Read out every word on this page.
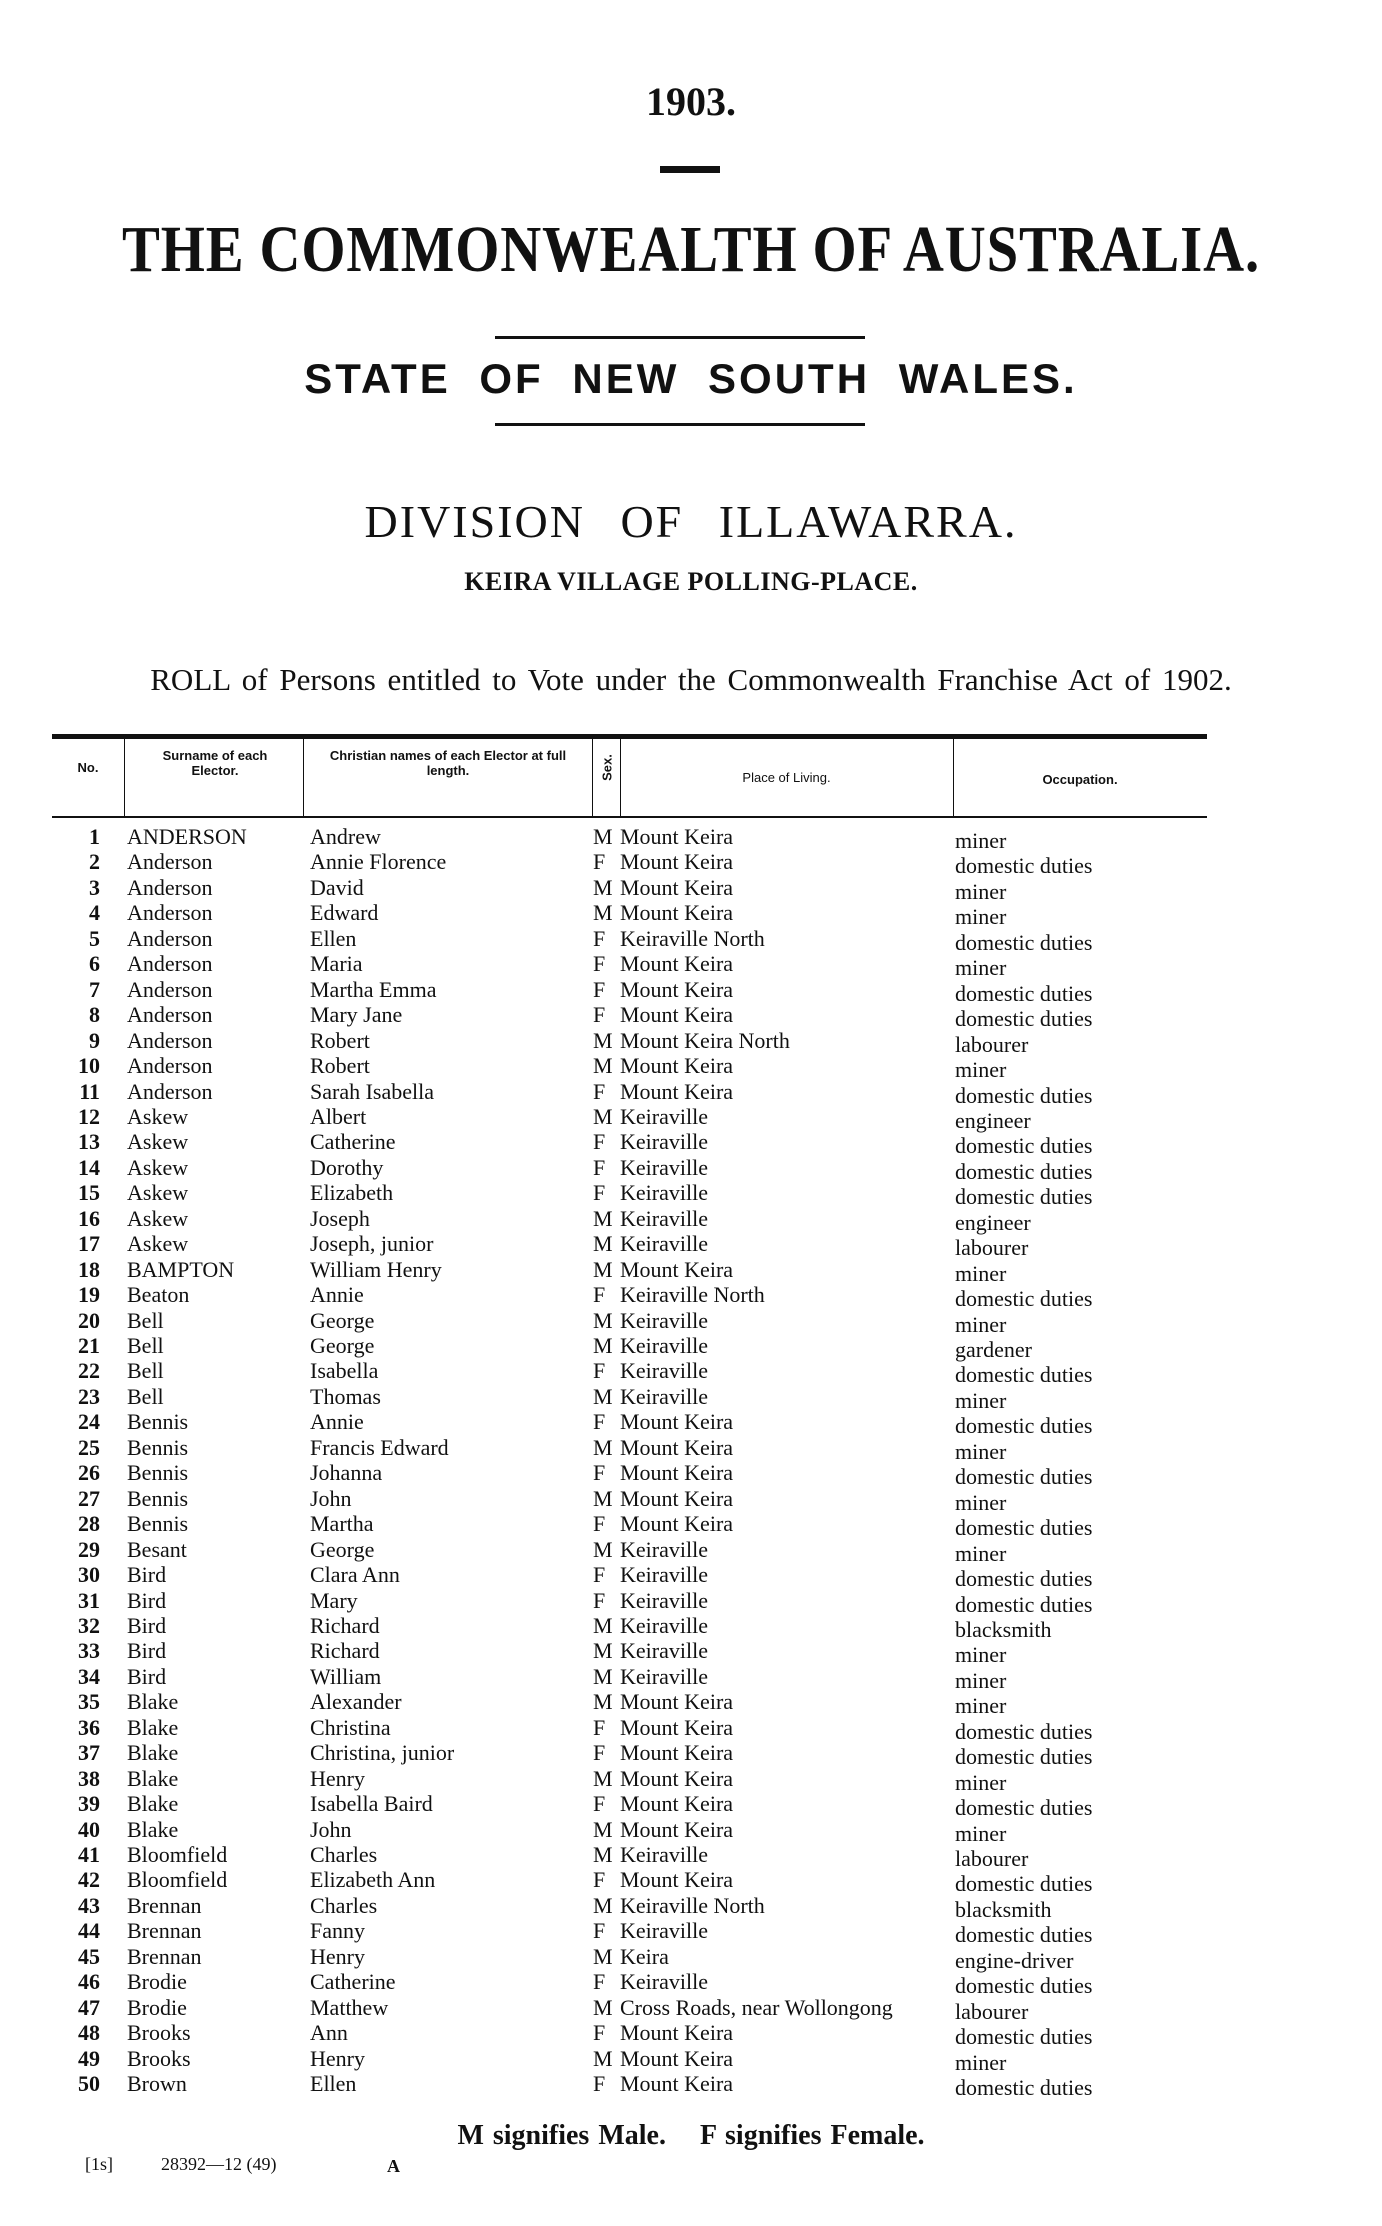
1903.
THE COMMONWEALTH OF AUSTRALIA.
STATE OF NEW SOUTH WALES.
DIVISION OF ILLAWARRA.
KEIRA VILLAGE POLLING-PLACE.
ROLL of Persons entitled to Vote under the Commonwealth Franchise Act of 1902.
No.
Surname of each Elector.
Christian names of each Elector at full length.	Sex.	Place of Living.	Occupation.
1 ANDERSON	Andrew	M Mount Keira	miner
2 Anderson	Annie Florence	F Mount Keira	domestic duties
3 Anderson	David	M Mount Keira	miner
4 Anderson	Edward	M Mount Keira	miner
5 Anderson	Ellen	F Keiraville North	domestic duties
6 Anderson	Maria	F Mount Keira	miner
7 Anderson	Martha Emma	F Mount Keira	domestic duties
8 Anderson	Mary Jane	F Mount Keira	domestic duties
9 Anderson	Robert	M Mount Keira North	labourer
10 Anderson	Robert	M Mount Keira	miner
11 Anderson	Sarah Isabella	F Mount Keira	domestic duties
12 Askew	Albert	M Keiraville	engineer
13 Askew	Catherine	F Keiraville	domestic duties
14 Askew	Dorothy	F Keiraville	domestic duties
15 Askew	Elizabeth	F Keiraville	domestic duties
16 Askew	Joseph	M Keiraville	engineer
17 Askew	Joseph, junior	M Keiraville	labourer
18 BAMPTON	William Henry	M Mount Keira	miner
19 Beaton	Annie	F Keiraville North	domestic duties
20 Bell	George	M Keiraville	miner
21 Bell	George	M Keiraville	gardener
22 Bell	Isabella	F Keiraville	domestic duties
23 Bell	Thomas	M Keiraville	miner
24 Bennis	Annie	F Mount Keira	domestic duties
25 Bennis	Francis Edward	M Mount Keira	miner
26 Bennis	Johanna	F Mount Keira	domestic duties
27 Bennis	John	M Mount Keira	miner
28 Bennis	Martha	F Mount Keira	domestic duties
29 Besant	George	M Keiraville	miner
30 Bird	Clara Ann	F Keiraville	domestic duties
31 Bird	Mary	F Keiraville	domestic duties
32 Bird	Richard	M Keiraville	blacksmith
33 Bird	Richard	M Keiraville	miner
34 Bird	William	M Keiraville	miner
35 Blake	Alexander	M Mount Keira	miner
36 Blake	Christina	F Mount Keira	domestic duties
37 Blake	Christina, junior	F Mount Keira	domestic duties
38 Blake	Henry	M Mount Keira	miner
39 Blake	Isabella Baird	F Mount Keira	domestic duties
40 Blake	John	M Mount Keira	miner
41 Bloomfield	Charles	M Keiraville	labourer
42 Bloomfield	Elizabeth Ann	F Mount Keira	domestic duties
43 Brennan	Charles	M Keiraville North	blacksmith
44 Brennan	Fanny	F Keiraville	domestic duties
45 Brennan	Henry	M Keira	engine-driver
46 Brodie	Catherine	F Keiraville	domestic duties
47 Brodie	Matthew	M Cross Roads, near Wollongong	labourer
48 Brooks	Ann	F Mount Keira	domestic duties
49 Brooks	Henry	M Mount Keira	miner
50 Brown	Ellen	F Mount Keira	domestic duties
M signifies Male. F signifies Female.
[1s]	28392—12 (49)	A
